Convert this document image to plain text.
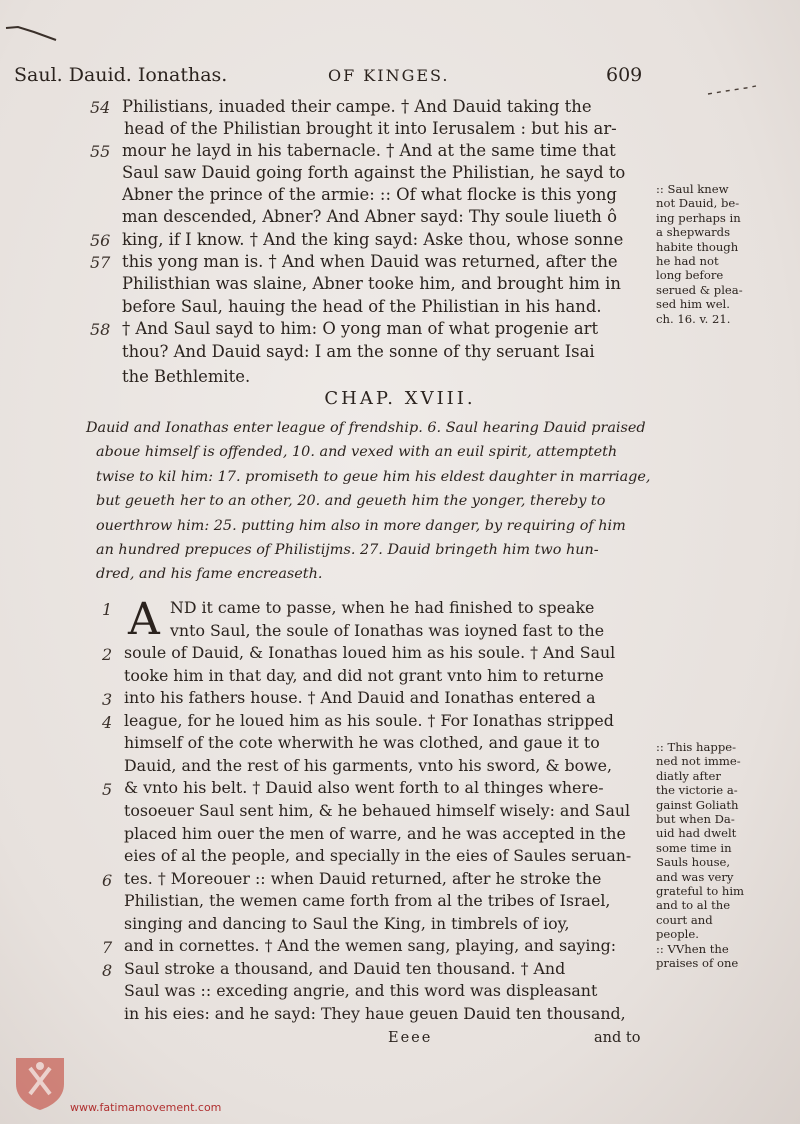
Saul. Dauid. Ionathas.	OF KINGES.	609
54
55
56
57
58
Philistians, inuaded their campe. † And Dauid taking the
head of the Philistian brought it into Ierusalem : but his ar-
mour he layd in his tabernacle. † And at the same time that
Saul saw Dauid going forth against the Philistian, he sayd to
Abner the prince of the armie: :: Of what flocke is this yong
man descended, Abner? And Abner sayd: Thy soule liueth ô
king, if I know. † And the king sayd: Aske thou, whose sonne
this yong man is. † And when Dauid was returned, after the
Philisthian was slaine, Abner tooke him, and brought him in
before Saul, hauing the head of the Philistian in his hand.
† And Saul sayd to him: O yong man of what progenie art
thou? And Dauid sayd: I am the sonne of thy seruant Isai
the Bethlemite.
:: Saul knew
not Dauid, be-
ing perhaps in
a shepwards
habite though
he had not
long before
serued & plea-
sed him wel.
ch. 16. v. 21.
CHAP. XVIII.
Dauid and Ionathas enter league of frendship. 6. Saul hearing Dauid praised
aboue himself is offended, 10. and vexed with an euil spirit, attempteth
twise to kil him: 17. promiseth to geue him his eldest daughter in marriage,
but geueth her to an other, 20. and geueth him the yonger, thereby to
ouerthrow him: 25. putting him also in more danger, by requiring of him
an hundred prepuces of Philistijms. 27. Dauid bringeth him two hun-
dred, and his fame encreaseth.
A
1
2
3
4
5
6
7
8
ND it came to passe, when he had finished to speake
vnto Saul, the soule of Ionathas was ioyned fast to the
soule of Dauid, & Ionathas loued him as his soule. † And Saul
tooke him in that day, and did not grant vnto him to returne
into his fathers house. † And Dauid and Ionathas entered a
league, for he loued him as his soule. † For Ionathas stripped
himself of the cote wherwith he was clothed, and gaue it to
Dauid, and the rest of his garments, vnto his sword, & bowe,
& vnto his belt. † Dauid also went forth to al thinges where-
tosoeuer Saul sent him, & he behaued himself wisely: and Saul
placed him ouer the men of warre, and he was accepted in the
eies of al the people, and specially in the eies of Saules seruan-
tes. † Moreouer :: when Dauid returned, after he stroke the
Philistian, the wemen came forth from al the tribes of Israel,
singing and dancing to Saul the King, in timbrels of ioy,
and in cornettes. † And the wemen sang, playing, and saying:
Saul stroke a thousand, and Dauid ten thousand. † And
Saul was :: exceding angrie, and this word was displeasant
in his eies: and he sayd: They haue geuen Dauid ten thousand,
:: This happe-
ned not imme-
diatly after
the victorie a-
gainst Goliath
but when Da-
uid had dwelt
some time in
Sauls house,
and was very
grateful to him
and to al the
court and
people.
:: VVhen the
praises of one
Eeee	and to
www.fatimamovement.com
